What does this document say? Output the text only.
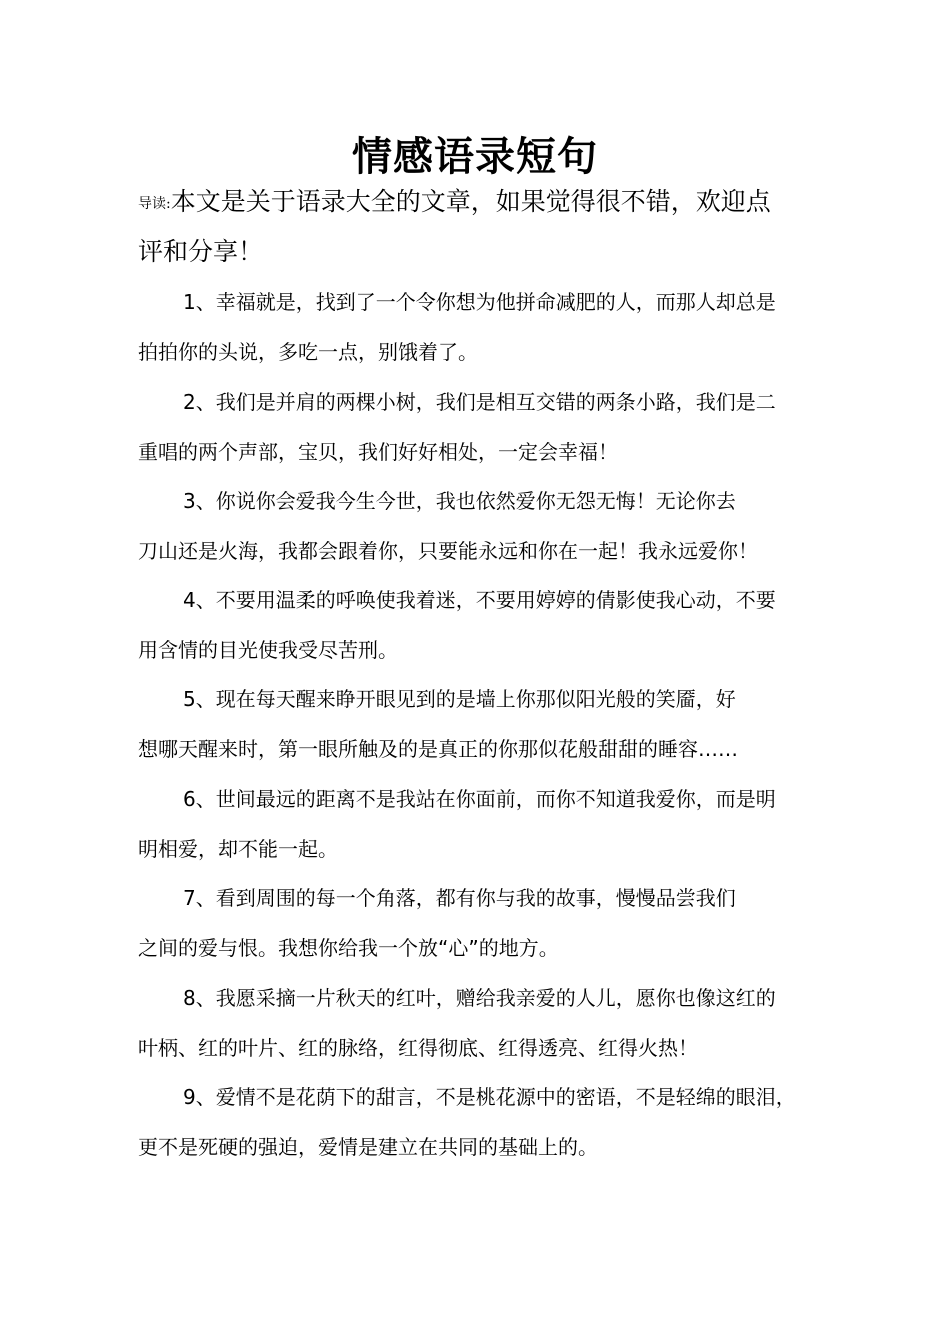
情感语录短句

导读:本文是关于语录大全的文章，如果觉得很不错，欢迎点
评和分享！

1、幸福就是，找到了一个令你想为他拼命减肥的人，而那人却总是
拍拍你的头说，多吃一点，别饿着了。

2、我们是并肩的两棵小树，我们是相互交错的两条小路，我们是二
重唱的两个声部，宝贝，我们好好相处，一定会幸福！

3、你说你会爱我今生今世，我也依然爱你无怨无悔！无论你去
刀山还是火海，我都会跟着你，只要能永远和你在一起！我永远爱你！

4、不要用温柔的呼唤使我着迷，不要用婷婷的倩影使我心动，不要
用含情的目光使我受尽苦刑。

5、现在每天醒来睁开眼见到的是墙上你那似阳光般的笑靥，好
想哪天醒来时，第一眼所触及的是真正的你那似花般甜甜的睡容……

6、世间最远的距离不是我站在你面前，而你不知道我爱你，而是明
明相爱，却不能一起。

7、看到周围的每一个角落，都有你与我的故事，慢慢品尝我们
之间的爱与恨。我想你给我一个放“心”的地方。

8、我愿采摘一片秋天的红叶，赠给我亲爱的人儿，愿你也像这红的
叶柄、红的叶片、红的脉络，红得彻底、红得透亮、红得火热！

9、爱情不是花荫下的甜言，不是桃花源中的密语，不是轻绵的眼泪，
更不是死硬的强迫，爱情是建立在共同的基础上的。
